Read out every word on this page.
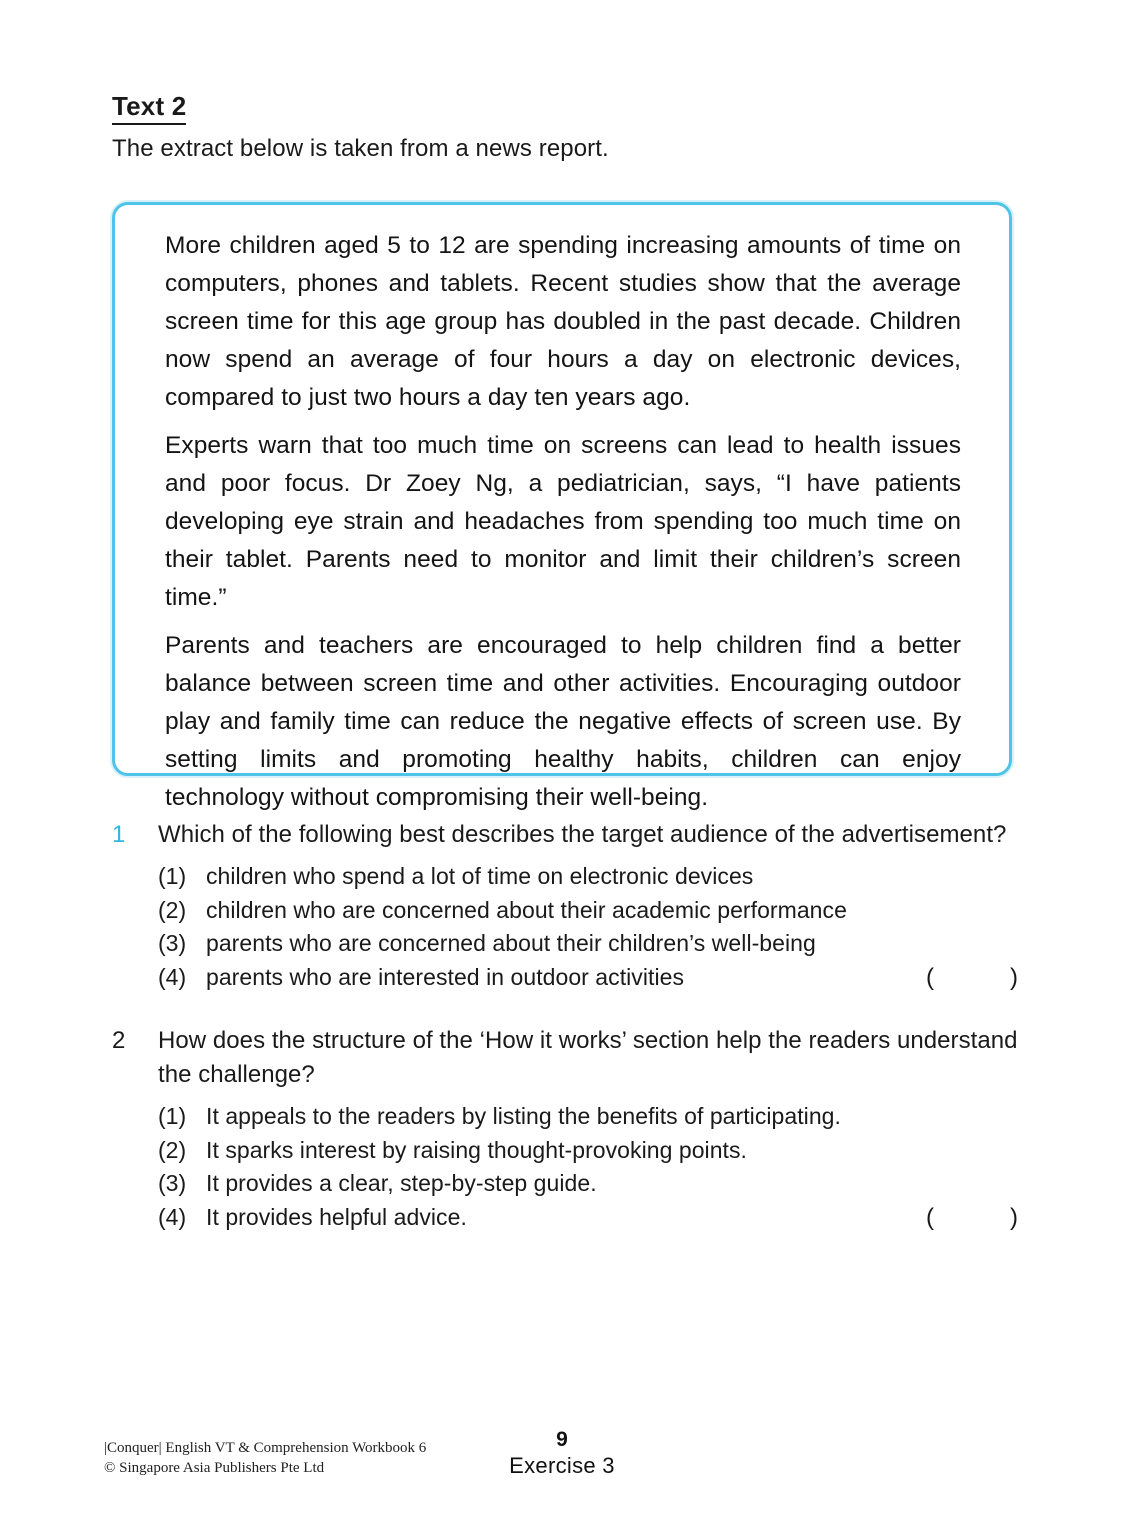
Text 2
The extract below is taken from a news report.

More children aged 5 to 12 are spending increasing amounts of time on computers, phones and tablets. Recent studies show that the average screen time for this age group has doubled in the past decade. Children now spend an average of four hours a day on electronic devices, compared to just two hours a day ten years ago.

Experts warn that too much time on screens can lead to health issues and poor focus. Dr Zoey Ng, a pediatrician, says, “I have patients developing eye strain and headaches from spending too much time on their tablet. Parents need to monitor and limit their children’s screen time.”

Parents and teachers are encouraged to help children find a better balance between screen time and other activities. Encouraging outdoor play and family time can reduce the negative effects of screen use. By setting limits and promoting healthy habits, children can enjoy technology without compromising their well-being.

1	Which of the following best describes the target audience of the advertisement?
(1) children who spend a lot of time on electronic devices
(2) children who are concerned about their academic performance
(3) parents who are concerned about their children’s well-being
(4) parents who are interested in outdoor activities	(	)
2	How does the structure of the ‘How it works’ section help the readers understand the challenge?
(1) It appeals to the readers by listing the benefits of participating.
(2) It sparks interest by raising thought-provoking points.
(3) It provides a clear, step-by-step guide.
(4) It provides helpful advice.	(	)
|Conquer| English VT & Comprehension Workbook 6
© Singapore Asia Publishers Pte Ltd
9
Exercise 3
